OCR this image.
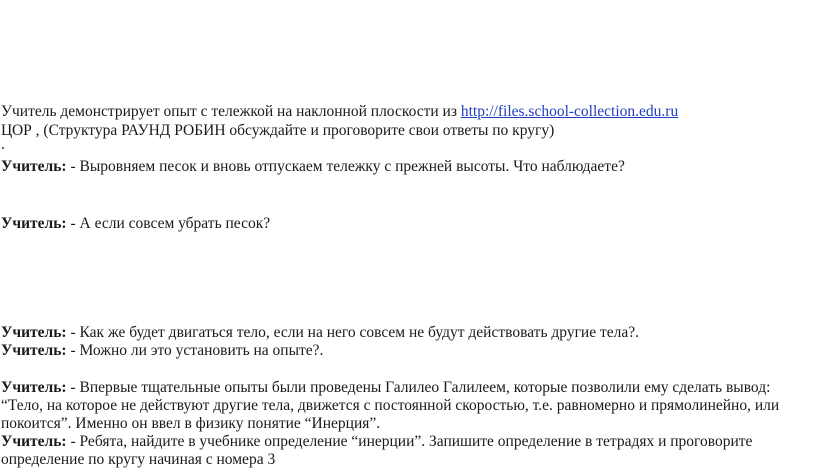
Учитель демонстрирует опыт с тележкой на наклонной плоскости из http://files.school-collection.edu.ru
ЦОР , (Структура РАУНД РОБИН обсуждайте и проговорите свои ответы по кругу)
.
Учитель: - Выровняем песок и вновь отпускаем тележку с прежней высоты. Что наблюдаете?
Учитель: - А если совсем убрать песок?
Учитель: - Как же будет двигаться тело, если на него совсем не будут действовать другие тела?.
Учитель: - Можно ли это установить на опыте?.
Учитель: - Впервые тщательные опыты были проведены Галилео Галилеем, которые позволили ему сделать вывод:
“Тело, на которое не действуют другие тела, движется с постоянной скоростью, т.е. равномерно и прямолинейно, или
покоится”. Именно он ввел в физику понятие “Инерция”.
Учитель: - Ребята, найдите в учебнике определение “инерции”. Запишите определение в тетрадях и проговорите
определение по кругу начиная с номера 3
